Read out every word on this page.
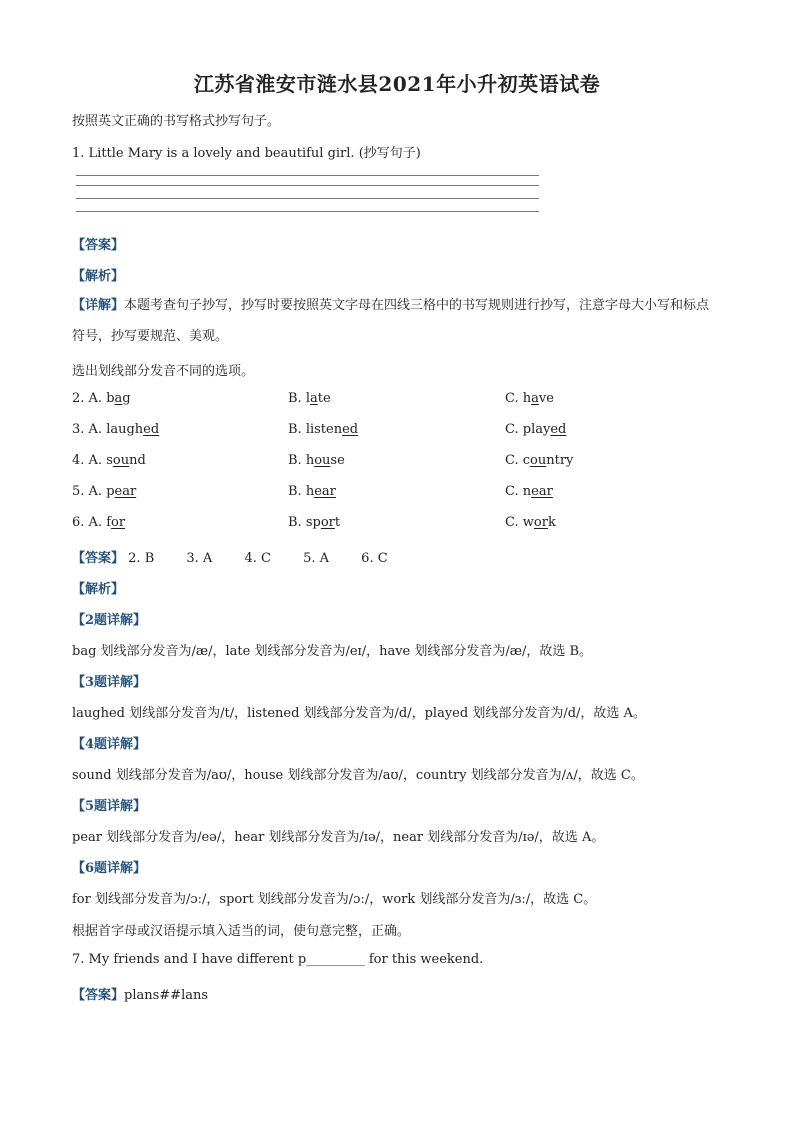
江苏省淮安市涟水县2021年小升初英语试卷
按照英文正确的书写格式抄写句子。
1. Little Mary is a lovely and beautiful girl. (抄写句子)
【答案】
【解析】
【详解】本题考查句子抄写，抄写时要按照英文字母在四线三格中的书写规则进行抄写，注意字母大小写和标点符号，抄写要规范、美观。
选出划线部分发音不同的选项。
2. A. bag	B. late	C. have
3. A. laughed	B. listened	C. played
4. A. sound	B. house	C. country
5. A. pear	B. hear	C. near
6. A. for	B. sport	C. work
【答案】 2. B 3. A 4. C 5. A 6. C
【解析】
【2题详解】
bag 划线部分发音为/æ/，late 划线部分发音为/eɪ/，have 划线部分发音为/æ/，故选 B。
【3题详解】
laughed 划线部分发音为/t/，listened 划线部分发音为/d/，played 划线部分发音为/d/，故选 A。
【4题详解】
sound 划线部分发音为/aʊ/，house 划线部分发音为/aʊ/，country 划线部分发音为/ʌ/，故选 C。
【5题详解】
pear 划线部分发音为/eə/，hear 划线部分发音为/ɪə/，near 划线部分发音为/ɪə/，故选 A。
【6题详解】
for 划线部分发音为/ɔː/，sport 划线部分发音为/ɔː/，work 划线部分发音为/ɜː/，故选 C。
根据首字母或汉语提示填入适当的词，使句意完整，正确。
7. My friends and I have different p_________ for this weekend.
【答案】plans##lans
